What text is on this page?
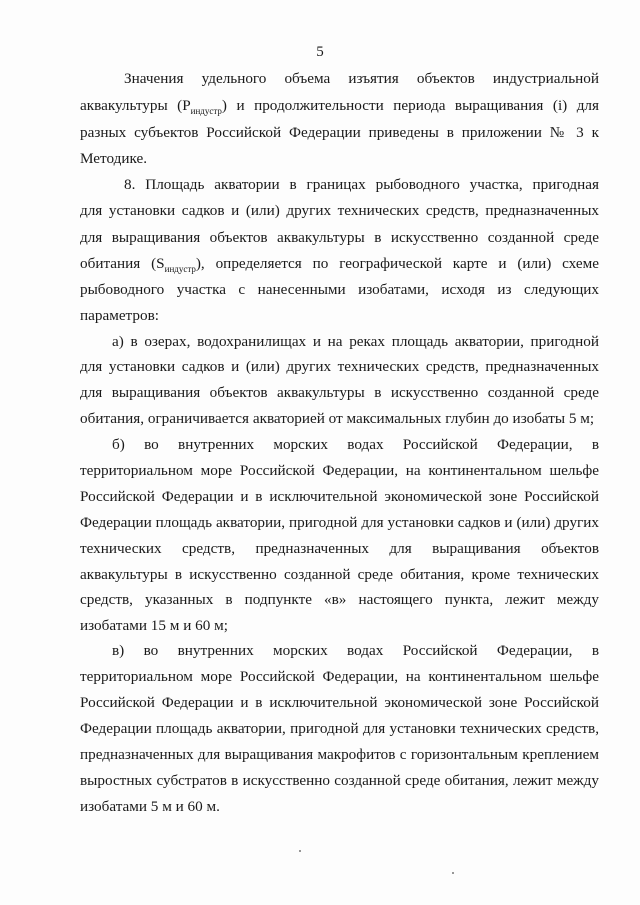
5
Значения удельного объема изъятия объектов индустриальной
аквакультуры $(P_{индустр})$ и продолжительности периода выращивания (i) для
разных субъектов Российской Федерации приведены в приложении № 3 к
Методике.
8. Площадь акватории в границах рыбоводного участка, пригодная
для установки садков и (или) других технических средств, предназначенных
для выращивания объектов аквакультуры в искусственно созданной среде
обитания $(S_{индустр})$, определяется по географической карте и (или) схеме
рыбоводного участка с нанесенными изобатами, исходя из следующих
параметров:
а) в озерах, водохранилищах и на реках площадь акватории, пригодной
для установки садков и (или) других технических средств, предназначенных
для выращивания объектов аквакультуры в искусственно созданной среде
обитания, ограничивается акваторией от максимальных глубин до изобаты 5 м;
б) во внутренних морских водах Российской Федерации, в
территориальном море Российской Федерации, на континентальном шельфе
Российской Федерации и в исключительной экономической зоне Российской
Федерации площадь акватории, пригодной для установки садков и (или) других
технических средств, предназначенных для выращивания объектов
аквакультуры в искусственно созданной среде обитания, кроме технических
средств, указанных в подпункте «в» настоящего пункта, лежит между
изобатами 15 м и 60 м;
в) во внутренних морских водах Российской Федерации, в
территориальном море Российской Федерации, на континентальном шельфе
Российской Федерации и в исключительной экономической зоне Российской
Федерации площадь акватории, пригодной для установки технических средств,
предназначенных для выращивания макрофитов с горизонтальным креплением
выростных субстратов в искусственно созданной среде обитания, лежит между
изобатами 5 м и 60 м.
